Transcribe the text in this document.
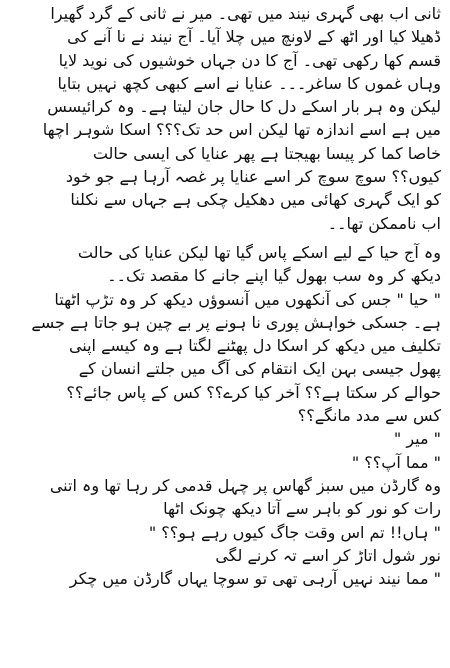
ثانی اب بھی گہری نیند میں تھی۔ میر نے ثانی کے گرد گھیرا
ڈھیلا کیا اور اٹھ کے لاونچ میں چلا آیا۔ آج نیند نے نا آنے کی
قسم کھا رکھی تھی۔ آج کا دن جہاں خوشیوں کی نوید لایا
وہاں غموں کا ساغر۔۔۔ عنایا نے اسے کبھی کچھ نہیں بتایا
لیکن وہ ہر بار اسکے دل کا حال جان لیتا ہے۔ وہ کرائیسس
میں ہے اسے اندازہ تھا لیکن اس حد تک؟؟؟ اسکا شوہر اچھا
خاصا کما کر پیسا بھیجتا ہے پھر عنایا کی ایسی حالت
کیوں؟؟ سوچ سوچ کر اسے عنایا پر غصہ آرہا ہے جو خود
کو ایک گہری کھائی میں دھکیل چکی ہے جہاں سے نکلنا
اب ناممکن تھا۔۔
وہ آج حیا کے لیے اسکے پاس گیا تھا لیکن عنایا کی حالت
دیکھ کر وہ سب بھول گیا اپنے جانے کا مقصد تک۔۔
" حیا " جس کی آنکھوں میں آنسوؤں دیکھ کر وہ تڑپ اٹھتا
ہے۔ جسکی خواہش پوری نا ہونے پر بے چین ہو جاتا ہے جسے
تکلیف میں دیکھ کر اسکا دل پھٹنے لگتا ہے وہ کیسے اپنی
پھول جیسی بہن ایک انتقام کی آگ میں جلتے انسان کے
حوالے کر سکتا ہے؟؟ آخر کیا کرے؟؟ کس کے پاس جائے؟؟
کس سے مدد مانگے؟؟
" میر "
" مما آپ؟؟ "
وہ گارڈن میں سبز گھاس پر چہل قدمی کر رہا تھا وہ اتنی
رات کو نور کو باہر سے آتا دیکھ چونک اٹھا
" ہاں!! تم اس وقت جاگ کیوں رہے ہو؟؟ "
نور شول اتاڑ کر اسے تہ کرنے لگی
" مما نیند نہیں آرہی تھی تو سوچا یہاں گارڈن میں چکر
